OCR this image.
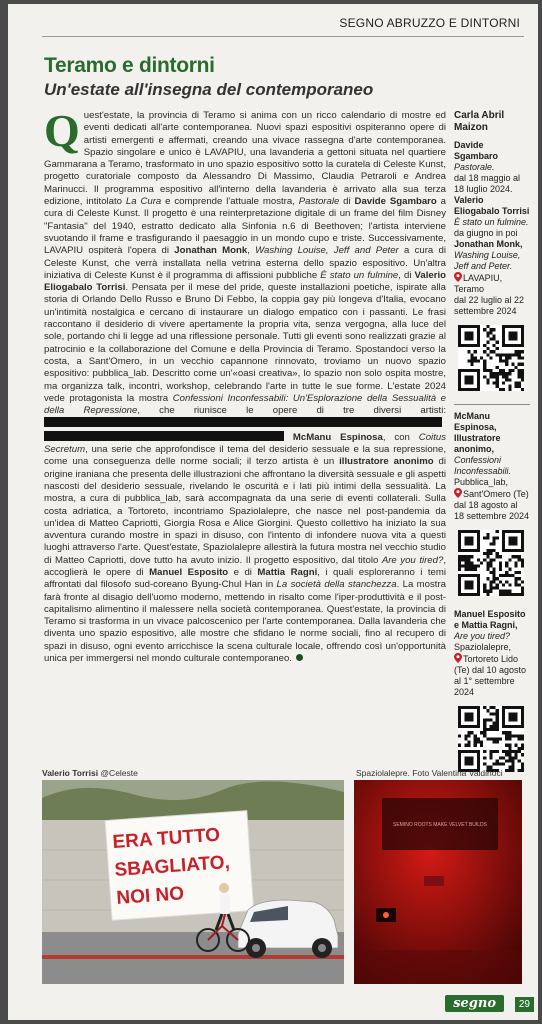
SEGNO ABRUZZO E DINTORNI
Teramo e dintorni
Un'estate all'insegna del contemporaneo

Quest'estate, la provincia di Teramo si anima con un ricco calendario di mostre ed eventi dedicati all'arte contemporanea. Nuovi spazi espositivi ospiteranno opere di artisti emergenti e affermati, creando una vivace rassegna d'arte contemporanea. Spazio singolare e unico è LAVAPIU, una lavanderia a gettoni situata nel quartiere Gammarana a Teramo, trasformato in uno spazio espositivo sotto la curatela di Celeste Kunst, progetto curatoriale composto da Alessandro Di Massimo, Claudia Petraroli e Andrea Marinucci. Il programma espositivo all'interno della lavanderia è arrivato alla sua terza edizione, intitolato La Cura e comprende l'attuale mostra, Pastorale di Davide Sgambaro a cura di Celeste Kunst. Il progetto è una reinterpretazione digitale di un frame del film Disney "Fantasia" del 1940, estratto dedicato alla Sinfonia n.6 di Beethoven; l'artista interviene svuotando il frame e trasfigurando il paesaggio in un mondo cupo e triste. Successivamente, LAVAPIU ospiterà l'opera di Jonathan Monk, Washing Louise, Jeff and Peter a cura di Celeste Kunst, che verrà installata nella vetrina esterna dello spazio espositivo. Un'altra iniziativa di Celeste Kunst è il programma di affissioni pubbliche È stato un fulmine, di Valerio Eliogabalo Torrisi. Pensata per il mese del pride, queste installazioni poetiche, ispirate alla storia di Orlando Dello Russo e Bruno Di Febbo, la coppia gay più longeva d'Italia, evocano un'intimità nostalgica e cercano di instaurare un dialogo empatico con i passanti. Le frasi raccontano il desiderio di vivere apertamente la propria vita, senza vergogna, alla luce del sole, portando chi li legge ad una riflessione personale. Tutti gli eventi sono realizzati grazie al patrocinio e la collaborazione del Comune e della Provincia di Teramo. Spostandoci verso la costa, a Sant'Omero, in un vecchio capannone rinnovato, troviamo un nuovo spazio espositivo: pubblica_lab. Descritto come un'«oasi creativa», lo spazio non solo ospita mostre, ma organizza talk, incontri, workshop, celebrando l'arte in tutte le sue forme. L'estate 2024 vede protagonista la mostra Confessioni Inconfessabili: Un'Esplorazione della Sessualità e della Repressione, che riunisce le opere di tre diversi artisti:  McManu Espinosa, con Coitus Secretum, una serie che approfondisce il tema del desiderio sessuale e la sua repressione, come una conseguenza delle norme sociali; il terzo artista è un illustratore anonimo di origine iraniana che presenta delle illustrazioni che affrontano la diversità sessuale e gli aspetti nascosti del desiderio sessuale, rivelando le oscurità e i lati più intimi della sessualità. La mostra, a cura di pubblica_lab, sarà accompagnata da una serie di eventi collaterali. Sulla costa adriatica, a Tortoreto, incontriamo Spaziolalepre, che nasce nel post-pandemia da un'idea di Matteo Capriotti, Giorgia Rosa e Alice Giorgini. Questo collettivo ha iniziato la sua avventura curando mostre in spazi in disuso, con l'intento di infondere nuova vita a questi luoghi attraverso l'arte. Quest'estate, Spaziolalepre allestirà la futura mostra nel vecchio studio di Matteo Capriotti, dove tutto ha avuto inizio. Il progetto espositivo, dal titolo Are you tired?, accoglierà le opere di Manuel Esposito e di Mattia Ragni, i quali esploreranno i temi affrontati dal filosofo sud-coreano Byung-Chul Han in La società della stanchezza. La mostra farà fronte al disagio dell'uomo moderno, mettendo in risalto come l'iper-produttività e il post-capitalismo alimentino il malessere nella società contemporanea. Quest'estate, la provincia di Teramo si trasforma in un vivace palcoscenico per l'arte contemporanea. Dalla lavanderia che diventa uno spazio espositivo, alle mostre che sfidano le norme sociali, fino al recupero di spazi in disuso, ogni evento arricchisce la scena culturale locale, offrendo così un'opportunità unica per immergersi nel mondo culturale contemporaneo.

Carla Abril Maizon
Davide Sgambaro
Pastorale.
dal 18 maggio al 18 luglio 2024.
Valerio Eliogabalo Torrisi
È stato un fulmine.
da giugno in poi
Jonathan Monk,
Washing Louise, Jeff and Peter.
LAVAPIU, Teramo
dal 22 luglio al 22 settembre 2024
McManu Espinosa, Illustratore anonimo,
Confessioni Inconfessabili.
Pubblica_lab,
Sant'Omero (Te) dal 18 agosto al 18 settembre 2024
Manuel Esposito e Mattia Ragni,
Are you tired?
Spaziolalepre,
Tortoreto Lido (Te) dal 10 agosto al 1° settembre 2024
Valerio Torrisi @Celeste	Spaziolalepre. Foto Valentina Valdinoci
ERA TUTTO
SBAGLIATO,
NOI NO
SEMINO ROOTS MAKE VELVET BUILDS
segno	29
